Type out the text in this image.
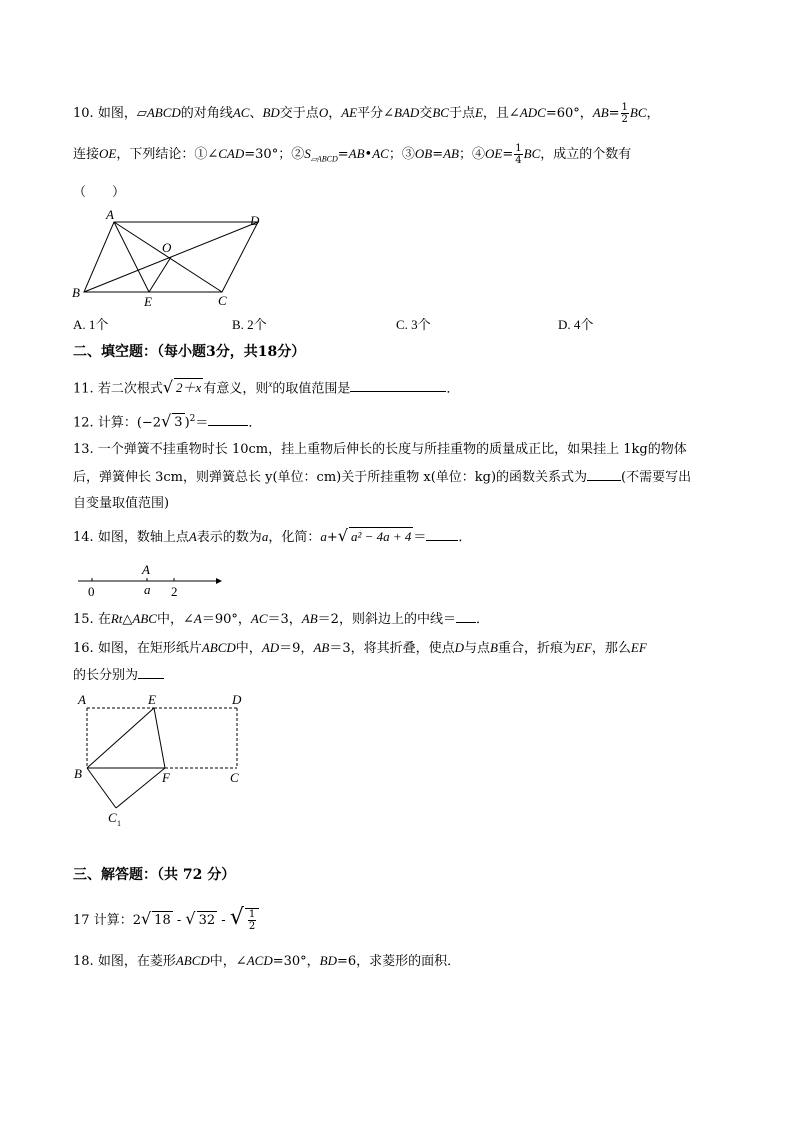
10. 如图，▱ABCD的对角线AC、BD交于点O，AE平分∠BAD交BC于点E，且∠ADC=60°，$AB= \frac{1}{2}$ BC，
连接OE，下列结论：①∠CAD=30°；$②S_{▱ABCD}=AB•AC$；③OB=AB；④OE= $\frac{1}{4}$ BC，成立的个数有
（　　）
A	D
O
B
E	C
A. 1个	B. 2个	C. 3个	D. 4个
二、填空题：（每小题3分，共18分）
11. 若二次根式√ 2＋x 有意义，则$^x$的取值范围是	．
12. 计算：(−2√ 3 )$^2$＝	．
13. 一个弹簧不挂重物时长 10cm，挂上重物后伸长的长度与所挂重物的质量成正比，如果挂上 1kg的物体
后，弹簧伸长 3cm，则弹簧总长 y(单位：cm)关于所挂重物 x(单位：kg)的函数关系式为	(不需要写出
自变量取值范围)
14. 如图，数轴上点A表示的数为a，化简：a+√ a² − 4a + 4 ＝ ．
A
0	a 2
15. 在Rt△ABC中，∠A＝90°，AC＝3，AB＝2，则斜边上的中线＝ ．
16. 如图，在矩形纸片ABCD中，AD＝9，AB＝3，将其折叠，使点D与点B重合，折痕为EF，那么EF
的长分别为
A	E	D
B	F	C
C 1
三、解答题：（共 72 分）
17 计算：2√ 18 - √ 32 - √ $\frac{1}{2}$
18. 如图，在菱形ABCD中，∠ACD=30°，BD=6，求菱形的面积．
